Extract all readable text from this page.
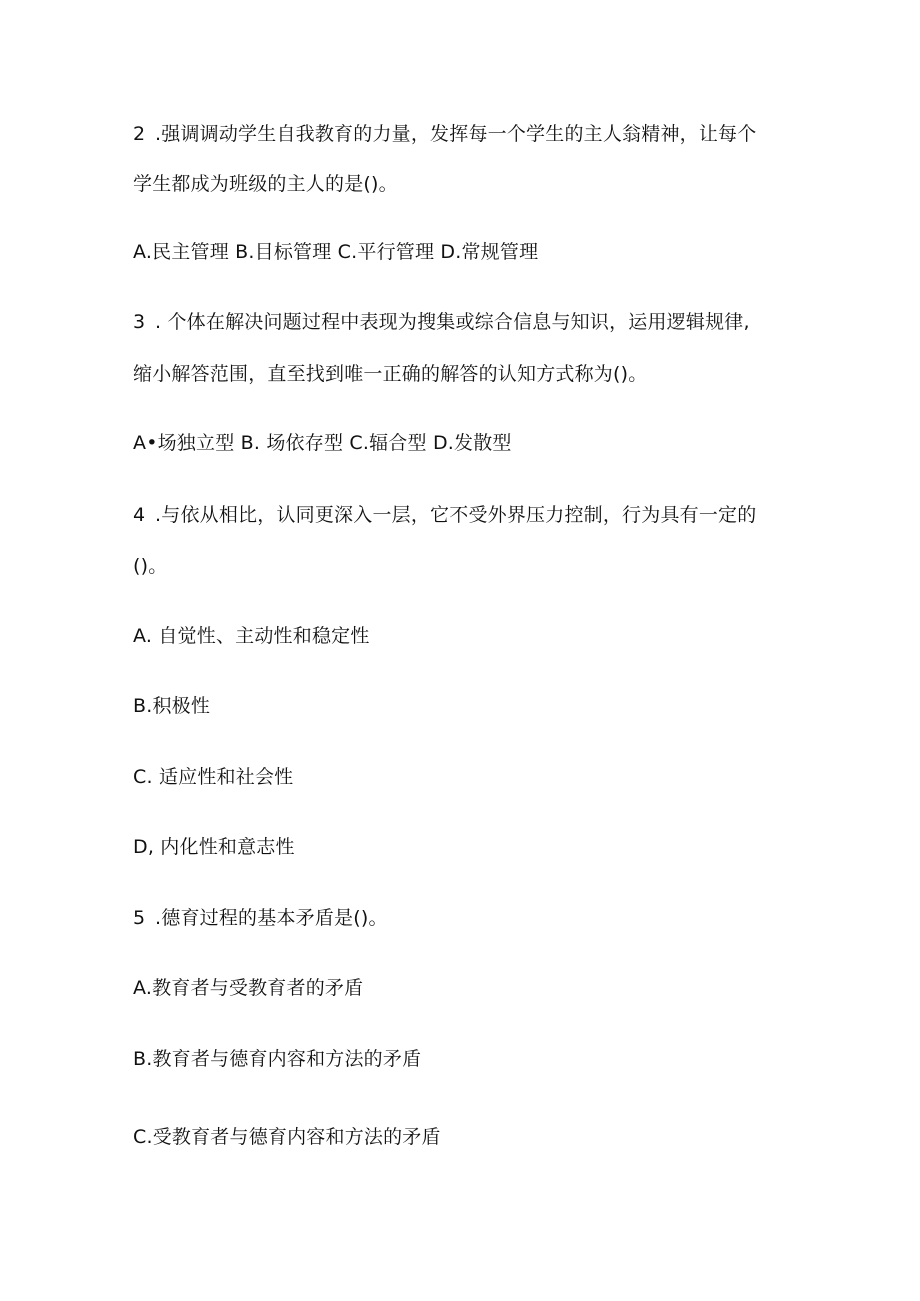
2 .强调调动学生自我教育的力量，发挥每一个学生的主人翁精神，让每个
学生都成为班级的主人的是()。
A.民主管理 B.目标管理 C.平行管理 D.常规管理
3 . 个体在解决问题过程中表现为搜集或综合信息与知识，运用逻辑规律,
缩小解答范围，直至找到唯一正确的解答的认知方式称为()。
A•场独立型 B. 场依存型 C.辐合型 D.发散型
4 .与依从相比，认同更深入一层，它不受外界压力控制，行为具有一定的
()。
A. 自觉性、主动性和稳定性
B.积极性
C. 适应性和社会性
D, 内化性和意志性
5 .德育过程的基本矛盾是()。
A.教育者与受教育者的矛盾
B.教育者与德育内容和方法的矛盾
C.受教育者与德育内容和方法的矛盾
